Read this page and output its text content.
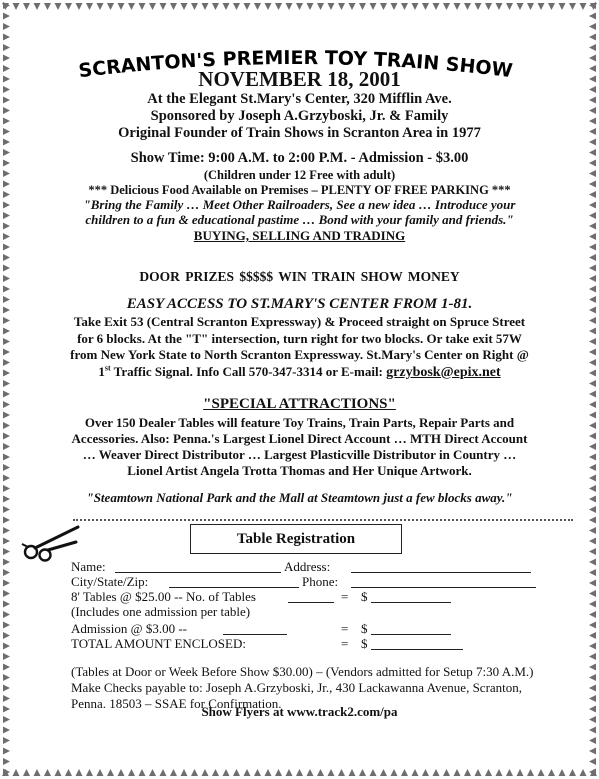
SCRANTON'S PREMIER TOY TRAIN SHOW
NOVEMBER 18, 2001
At the Elegant St.Mary's Center, 320 Mifflin Ave.
Sponsored by Joseph A.Grzyboski, Jr. & Family
Original Founder of Train Shows in Scranton Area in 1977
Show Time: 9:00 A.M. to 2:00 P.M. - Admission - $3.00
(Children under 12 Free with adult)
*** Delicious Food Available on Premises – PLENTY OF FREE PARKING ***
"Bring the Family … Meet Other Railroaders, See a new idea … Introduce your
children to a fun & educational pastime … Bond with your family and friends."
BUYING, SELLING AND TRADING
DOOR PRIZES $$$$$ WIN TRAIN SHOW MONEY
EASY ACCESS TO ST.MARY'S CENTER FROM 1-81.
Take Exit 53 (Central Scranton Expressway) & Proceed straight on Spruce Street
for 6 blocks. At the "T" intersection, turn right for two blocks. Or take exit 57W
from New York State to North Scranton Expressway. St.Mary's Center on Right @
1st Traffic Signal. Info Call 570-347-3314 or E-mail: grzybosk@epix.net
"SPECIAL ATTRACTIONS"
Over 150 Dealer Tables will feature Toy Trains, Train Parts, Repair Parts and
Accessories. Also: Penna.'s Largest Lionel Direct Account … MTH Direct Account
… Weaver Direct Distributor … Largest Plasticville Distributor in Country …
Lionel Artist Angela Trotta Thomas and Her Unique Artwork.
"Steamtown National Park and the Mall at Steamtown just a few blocks away."
Table Registration
Name:	Address:
City/State/Zip:	Phone:
8' Tables @ $25.00 -- No. of Tables	= $
(Includes one admission per table)
Admission @ $3.00 --	= $
TOTAL AMOUNT ENCLOSED:	= $
(Tables at Door or Week Before Show $30.00) – (Vendors admitted for Setup 7:30 A.M.)
Make Checks payable to: Joseph A.Grzyboski, Jr., 430 Lackawanna Avenue, Scranton,
Penna. 18503 – SSAE for Confirmation.
Show Flyers at www.track2.com/pa
